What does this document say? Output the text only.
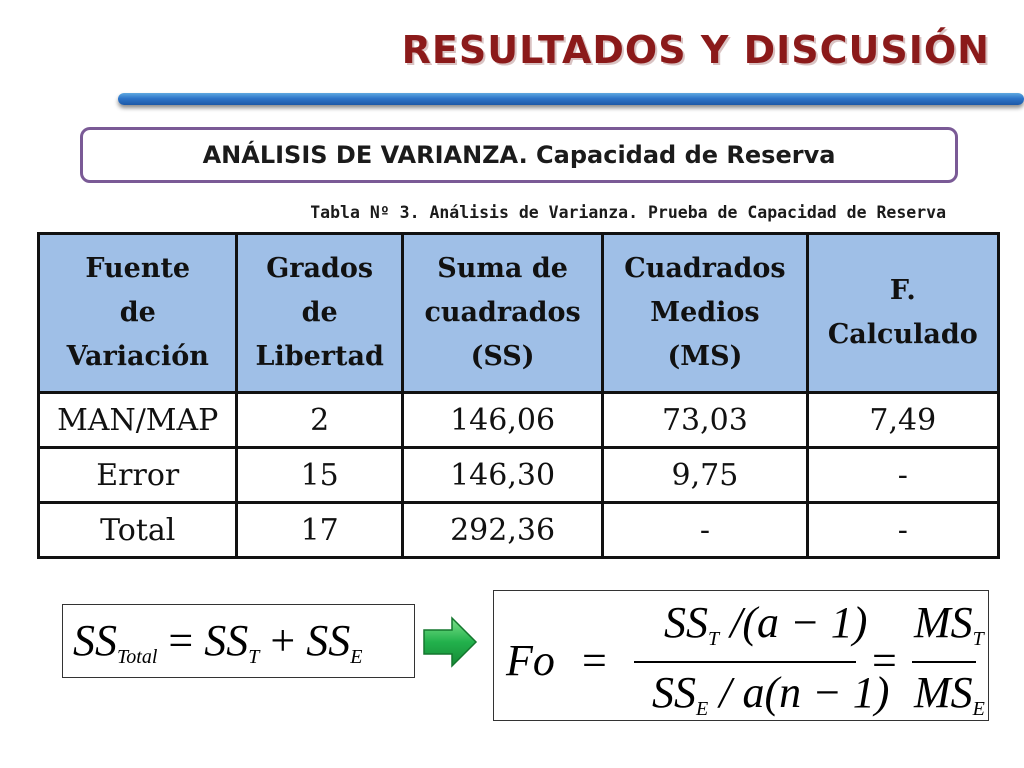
RESULTADOS Y DISCUSIÓN
ANÁLISIS DE VARIANZA. Capacidad de Reserva
Tabla Nº 3. Análisis de Varianza. Prueba de Capacidad de Reserva
Fuente
de
Variación	Grados
de
Libertad	Suma de
cuadrados
(SS)	Cuadrados
Medios
(MS)	F.
Calculado
MAN/MAP	2	146,06	73,03	7,49
Error	15	146,30	9,75	-
Total	17	292,36	-	-
$SS_{Total} = SS_T + SS_E$	Fo =
$SS_T$ /(a − 1)
$SS_E / a(n - 1)$
=
$MS_T$
$MS_E$
